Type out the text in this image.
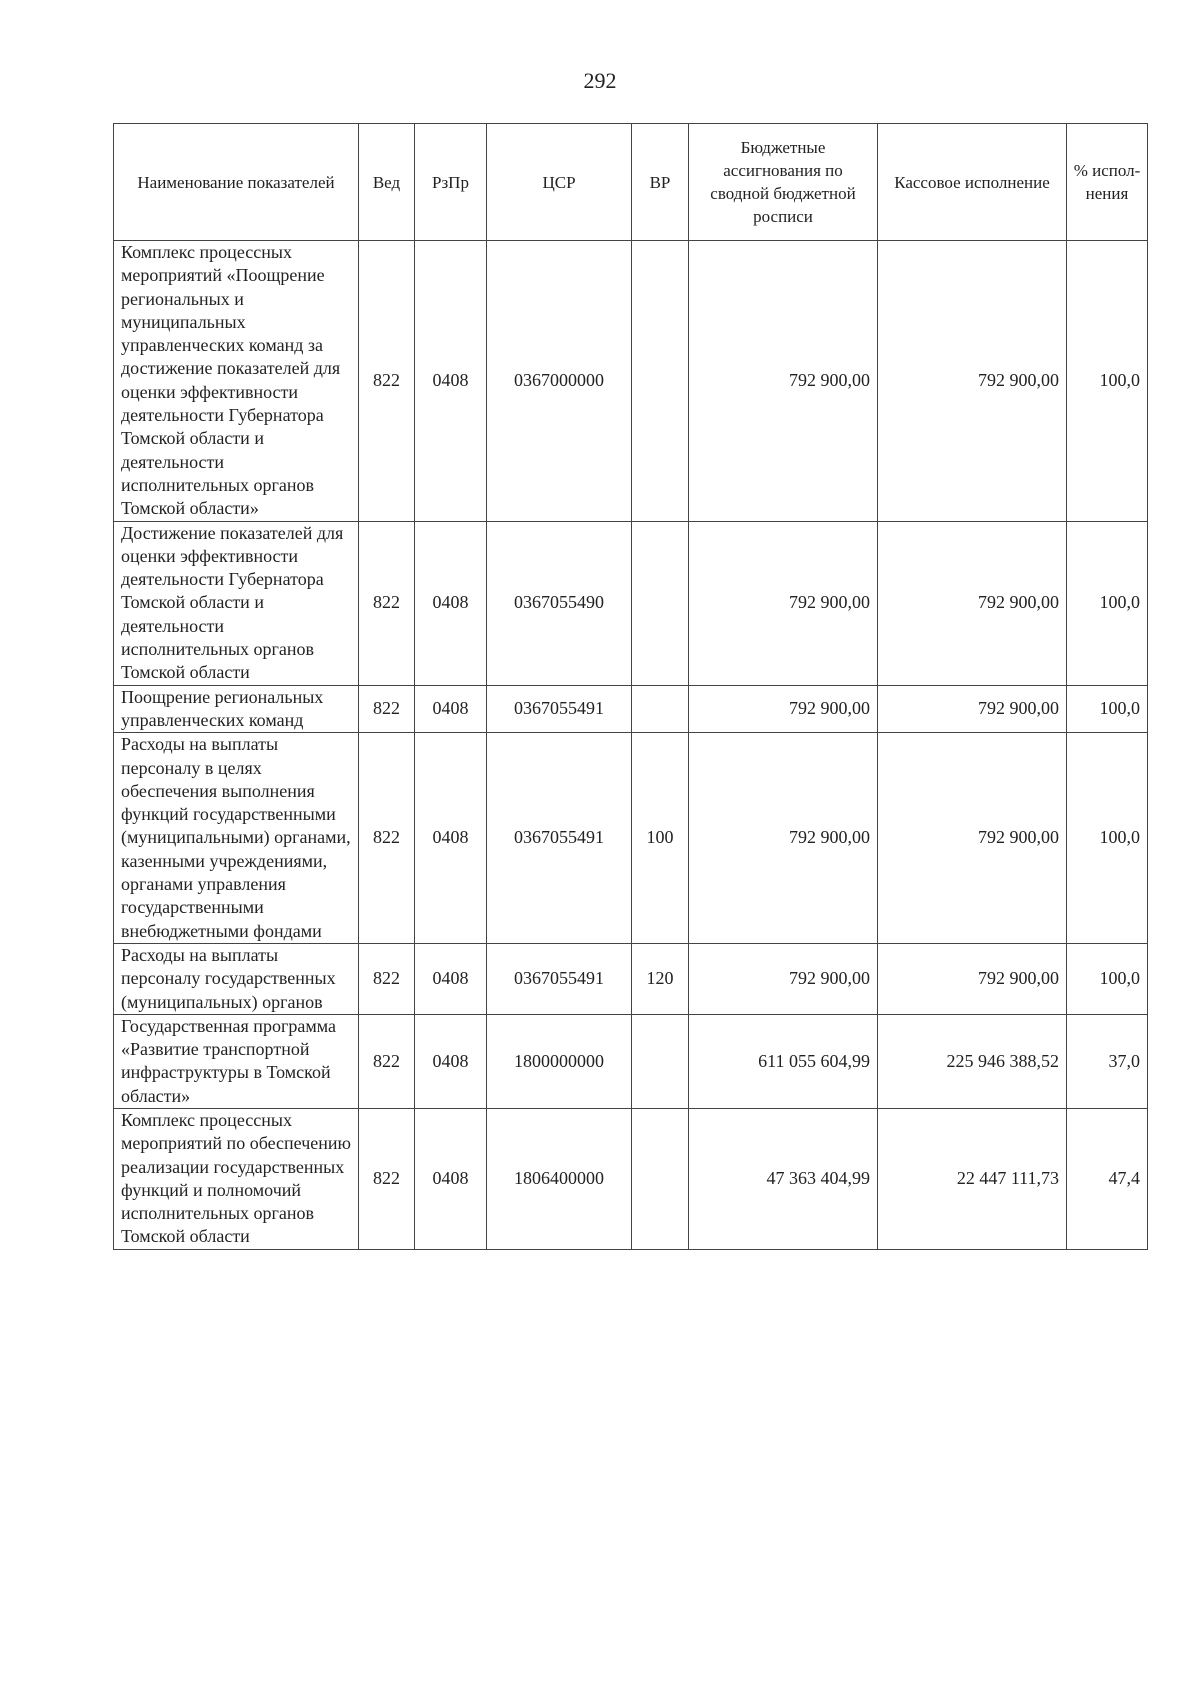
292
Наименование показателей	Вед	РзПр	ЦСР	ВР	Бюджетные ассигнования по сводной бюджетной росписи	Кассовое исполнение	% испол-нения
Комплекс процессных мероприятий «Поощрение региональных и муниципальных управленческих команд за достижение показателей для оценки эффективности деятельности Губернатора Томской области и деятельности исполнительных органов Томской области»	822	0408	0367000000		792 900,00	792 900,00	100,0
Достижение показателей для оценки эффективности деятельности Губернатора Томской области и деятельности исполнительных органов Томской области	822	0408	0367055490		792 900,00	792 900,00	100,0
Поощрение региональных управленческих команд	822	0408	0367055491		792 900,00	792 900,00	100,0
Расходы на выплаты персоналу в целях обеспечения выполнения функций государственными (муниципальными) органами, казенными учреждениями, органами управления государственными внебюджетными фондами	822	0408	0367055491	100	792 900,00	792 900,00	100,0
Расходы на выплаты персоналу государственных (муниципальных) органов	822	0408	0367055491	120	792 900,00	792 900,00	100,0
Государственная программа «Развитие транспортной инфраструктуры в Томской области»	822	0408	1800000000		611 055 604,99	225 946 388,52	37,0
Комплекс процессных мероприятий по обеспечению реализации государственных функций и полномочий исполнительных органов Томской области	822	0408	1806400000		47 363 404,99	22 447 111,73	47,4
